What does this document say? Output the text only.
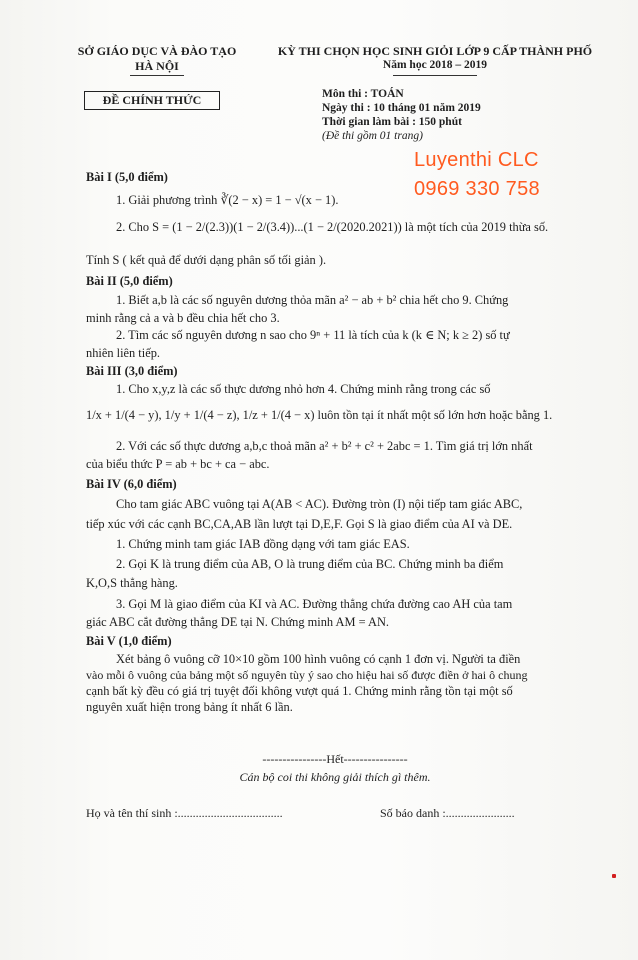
SỞ GIÁO DỤC VÀ ĐÀO TẠO
HÀ NỘI
ĐỀ CHÍNH THỨC
KỲ THI CHỌN HỌC SINH GIỎI LỚP 9 CẤP THÀNH PHỐ
Năm học 2018 – 2019
Môn thi : TOÁN
Ngày thi : 10 tháng 01 năm 2019
Thời gian làm bài : 150 phút
(Đề thi gồm 01 trang)
Luyenthi CLC
0969 330 758
Bài I (5,0 điểm)
1. Giải phương trình ∛(2 − x) = 1 − √(x − 1).
2. Cho S = (1 − 2/(2.3))(1 − 2/(3.4))...(1 − 2/(2020.2021)) là một tích của 2019 thừa số.
Tính S ( kết quả để dưới dạng phân số tối giản ).
Bài II (5,0 điểm)
1. Biết a,b là các số nguyên dương thỏa mãn a² − ab + b² chia hết cho 9. Chứng
minh rằng cả a và b đều chia hết cho 3.
2. Tìm các số nguyên dương n sao cho 9ⁿ + 11 là tích của k (k ∈ N; k ≥ 2) số tự
nhiên liên tiếp.
Bài III (3,0 điểm)
1. Cho x,y,z là các số thực dương nhỏ hơn 4. Chứng minh rằng trong các số
1/x + 1/(4 − y), 1/y + 1/(4 − z), 1/z + 1/(4 − x) luôn tồn tại ít nhất một số lớn hơn hoặc bằng 1.
2. Với các số thực dương a,b,c thoả mãn a² + b² + c² + 2abc = 1. Tìm giá trị lớn nhất
của biểu thức P = ab + bc + ca − abc.
Bài IV (6,0 điểm)
Cho tam giác ABC vuông tại A(AB < AC). Đường tròn (I) nội tiếp tam giác ABC,
tiếp xúc với các cạnh BC,CA,AB lần lượt tại D,E,F. Gọi S là giao điểm của AI và DE.
1. Chứng minh tam giác IAB đồng dạng với tam giác EAS.
2. Gọi K là trung điểm của AB, O là trung điểm của BC. Chứng minh ba điểm
K,O,S thẳng hàng.
3. Gọi M là giao điểm của KI và AC. Đường thẳng chứa đường cao AH của tam
giác ABC cắt đường thẳng DE tại N. Chứng minh AM = AN.
Bài V (1,0 điểm)
Xét bảng ô vuông cỡ 10×10 gồm 100 hình vuông có cạnh 1 đơn vị. Người ta điền
vào mỗi ô vuông của bảng một số nguyên tùy ý sao cho hiệu hai số được điền ở hai ô chung
cạnh bất kỳ đều có giá trị tuyệt đối không vượt quá 1. Chứng minh rằng tồn tại một số
nguyên xuất hiện trong bảng ít nhất 6 lần.
----------------Hết----------------
Cán bộ coi thi không giải thích gì thêm.
Họ và tên thí sinh :...................................	Số báo danh :.......................
